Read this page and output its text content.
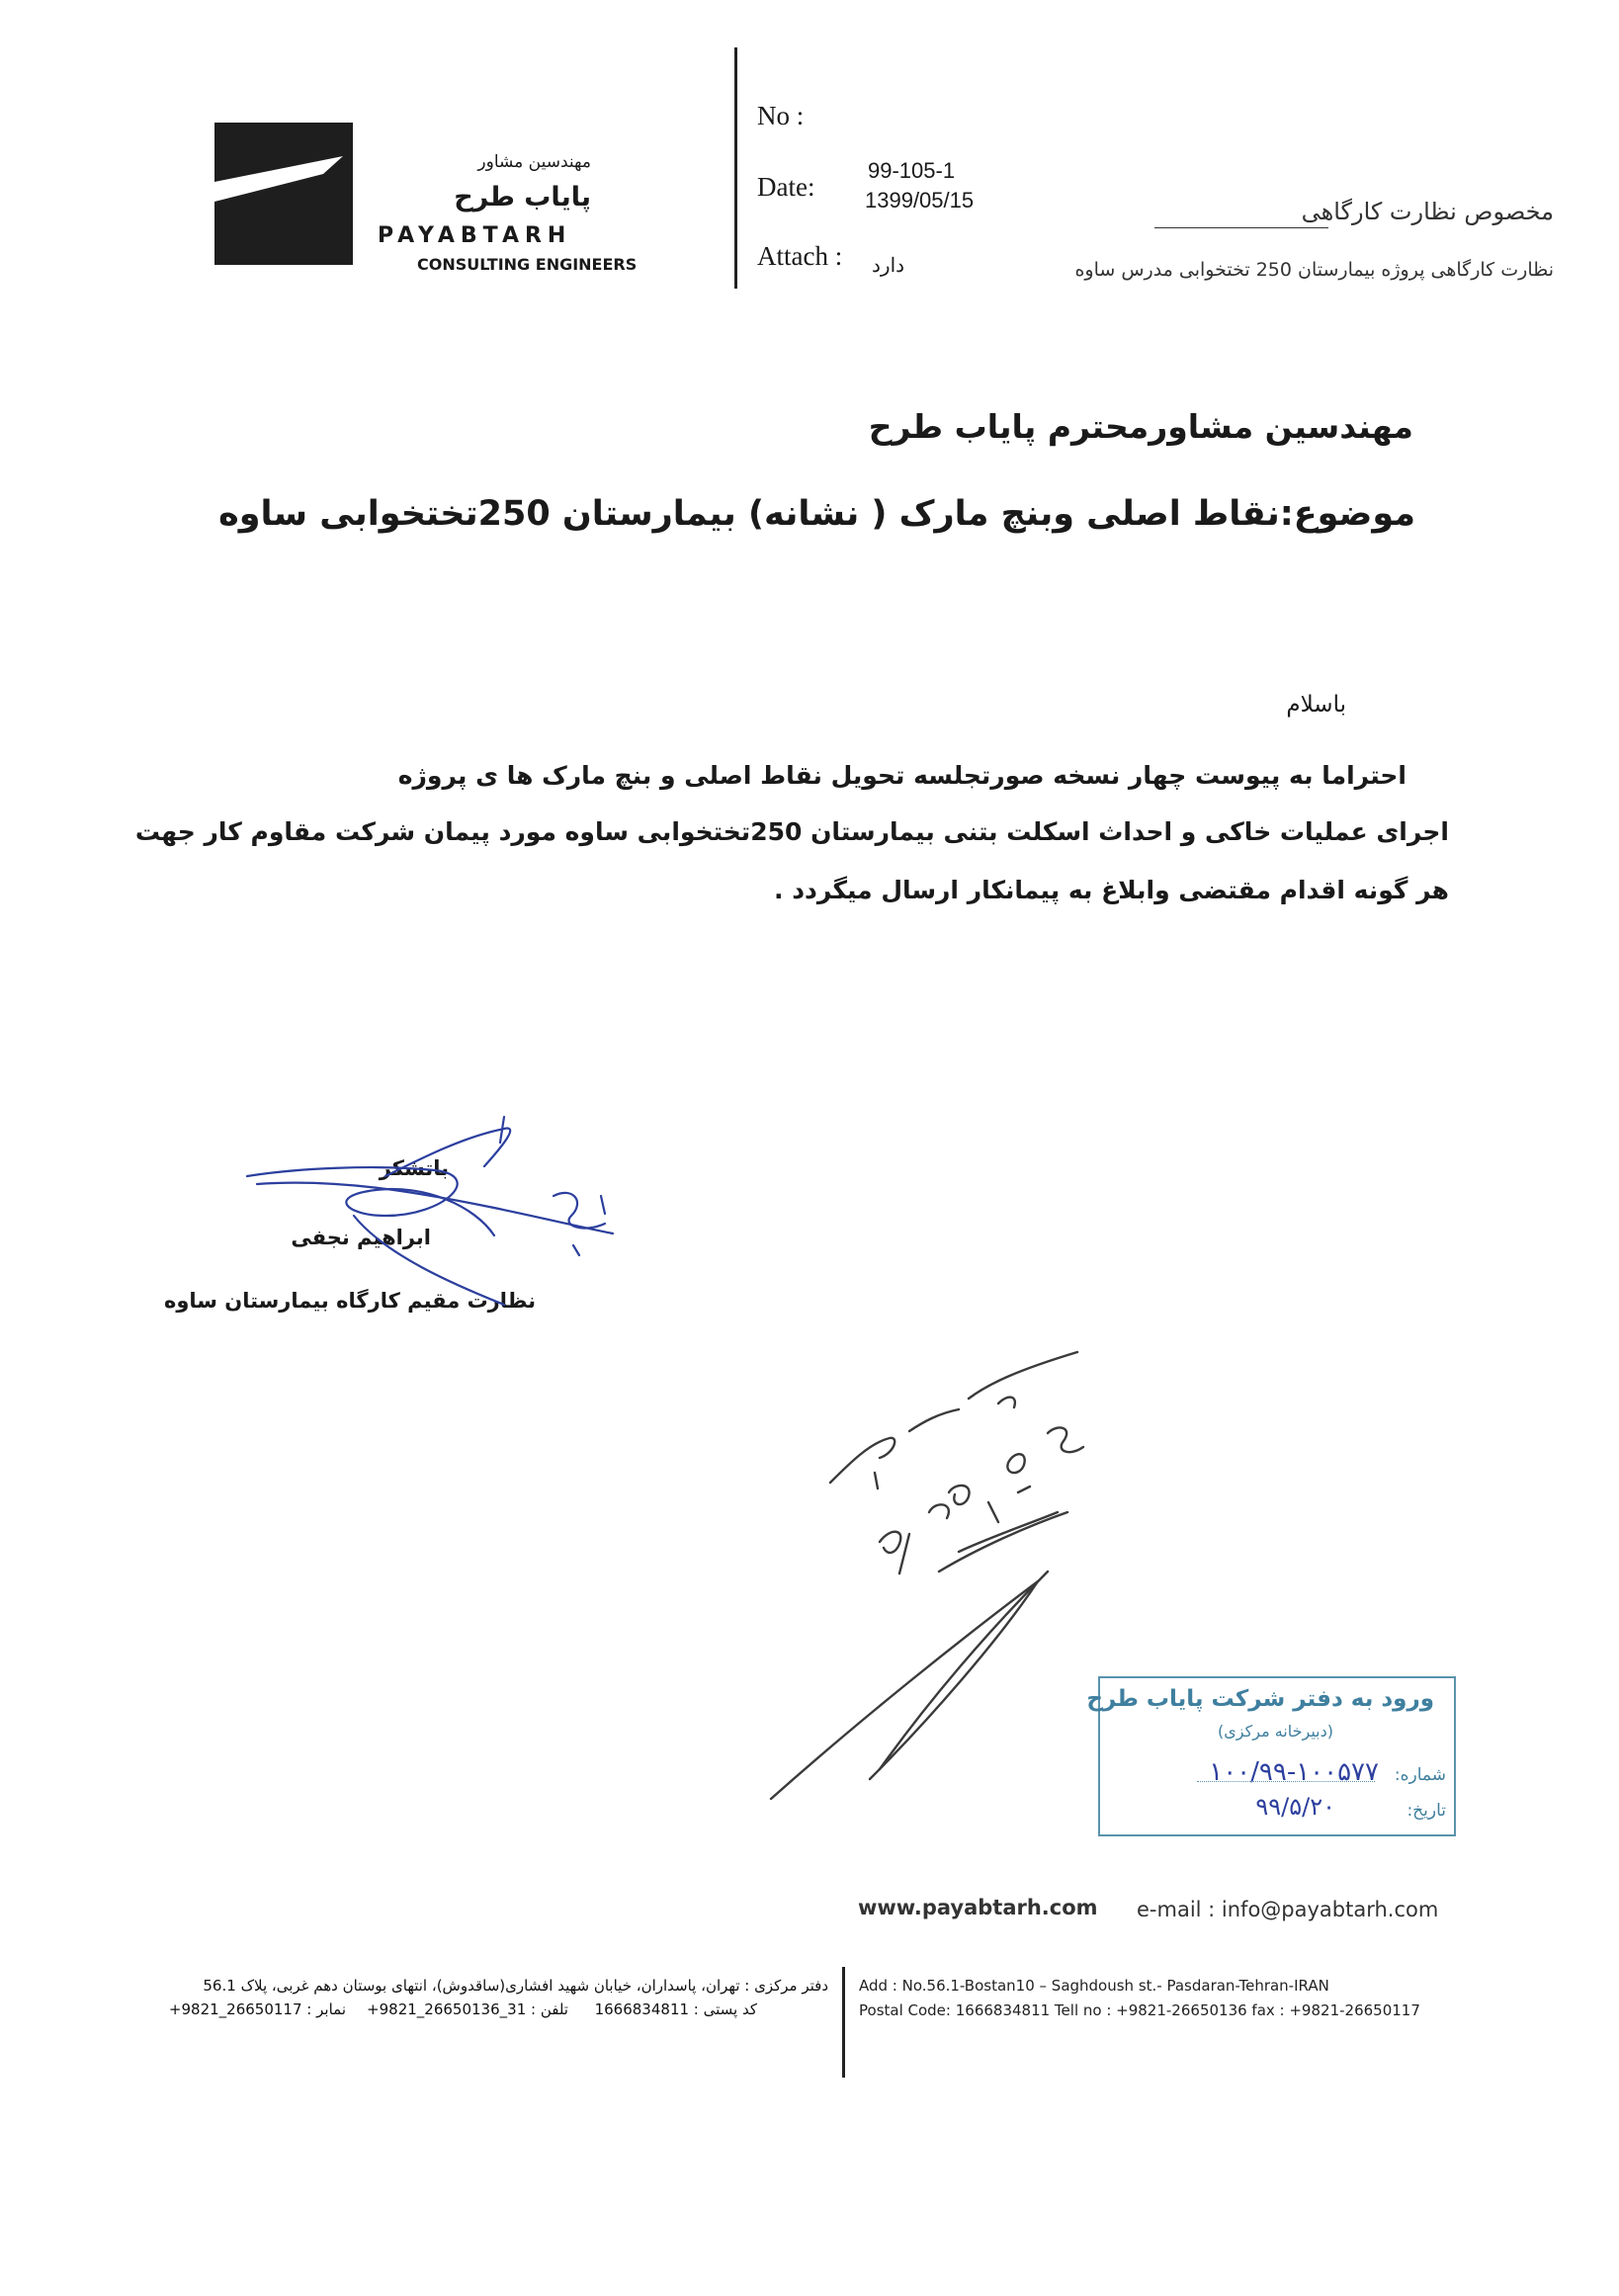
مهندسین مشاور
پایاب طرح
PAYABTARH
CONSULTING ENGINEERS
No :
Date:
99-105-1
1399/05/15
Attach : دارد
مخصوص نظارت کارگاهی
نظارت کارگاهی پروژه بیمارستان 250 تختخوابی مدرس ساوه
مهندسین مشاورمحترم پایاب طرح
موضوع:نقاط اصلی وبنچ مارک ( نشانه) بیمارستان 250تختخوابی ساوه
باسلام
احتراما به پیوست چهار نسخه صورتجلسه تحویل نقاط اصلی و بنچ مارک ها ی پروژه
اجرای عملیات خاکی و احداث اسکلت بتنی بیمارستان 250تختخوابی ساوه مورد پیمان شرکت مقاوم کار جهت
هر گونه اقدام مقتضی وابلاغ به پیمانکار ارسال میگردد .
باتشکر
ابراهیم نجفی
نظارت مقیم کارگاه بیمارستان ساوه
ورود به دفتر شرکت پایاب طرح
(دبیرخانه مرکزی)
شماره:
۱۰۰/۹۹-۱۰۰۵۷۷
تاریخ:
۹۹/۵/۲۰
www.payabtarh.com e-mail : info@payabtarh.com
دفتر مرکزی : تهران، پاسداران، خیابان شهید افشاری(ساقدوش)، انتهای بوستان دهم غربی، پلاک 56.1
کد پستی : 1666834811
تلفن : 31_26650136_9821+
نمابر : 26650117_9821+
Add : No.56.1-Bostan10 – Saghdoush st.- Pasdaran-Tehran-IRAN
Postal Code: 1666834811 Tell no : +9821-26650136 fax : +9821-26650117
